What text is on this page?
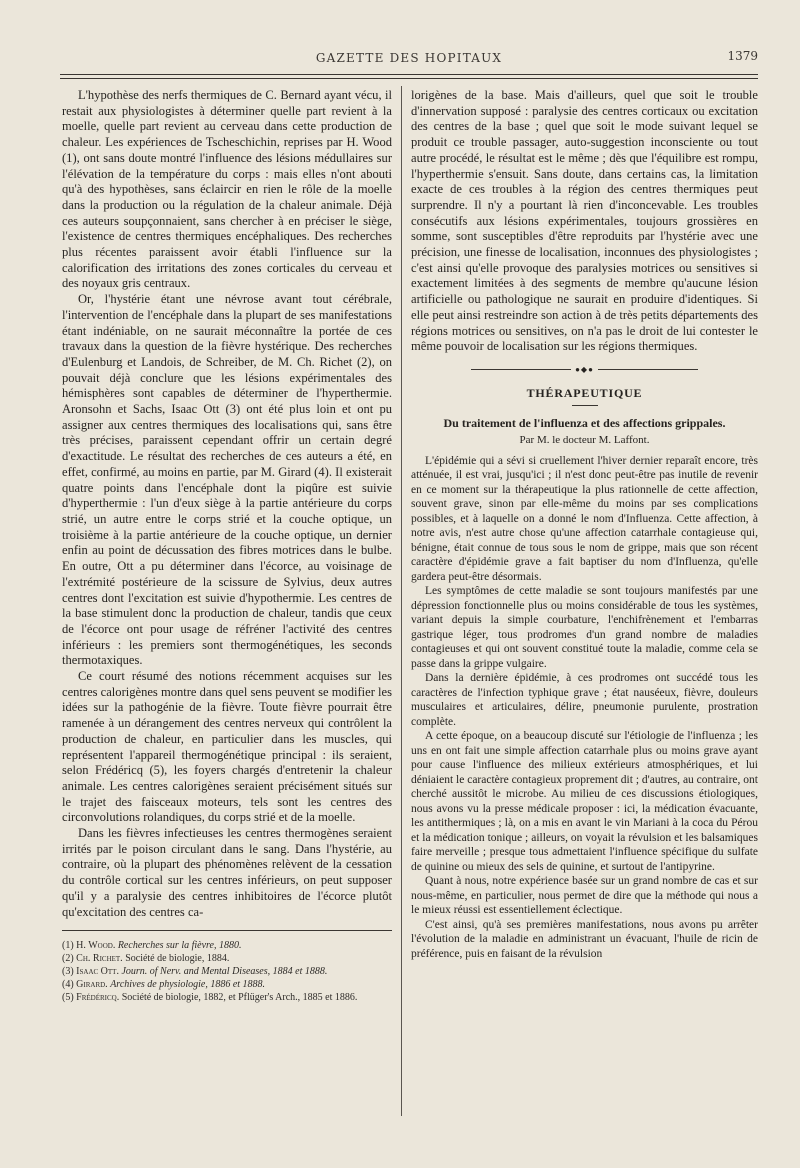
GAZETTE DES HOPITAUX	1379

L'hypothèse des nerfs thermiques de C. Bernard ayant vécu, il restait aux physiologistes à déterminer quelle part revient à la moelle, quelle part revient au cerveau dans cette production de chaleur. Les expériences de Tscheschichin, reprises par H. Wood (1), ont sans doute montré l'influence des lésions médullaires sur l'élévation de la température du corps : mais elles n'ont abouti qu'à des hypothèses, sans éclaircir en rien le rôle de la moelle dans la production ou la régulation de la chaleur animale. Déjà ces auteurs soupçonnaient, sans chercher à en préciser le siège, l'existence de centres thermiques encéphaliques. Des recherches plus récentes paraissent avoir établi l'influence sur la calorification des irritations des zones corticales du cerveau et des noyaux gris centraux.

Or, l'hystérie étant une névrose avant tout cérébrale, l'intervention de l'encéphale dans la plupart de ses manifestations étant indéniable, on ne saurait méconnaître la portée de ces travaux dans la question de la fièvre hystérique. Des recherches d'Eulenburg et Landois, de Schreiber, de M. Ch. Richet (2), on pouvait déjà conclure que les lésions expérimentales des hémisphères sont capables de déterminer de l'hyperthermie. Aronsohn et Sachs, Isaac Ott (3) ont été plus loin et ont pu assigner aux centres thermiques des localisations qui, sans être très précises, paraissent cependant offrir un certain degré d'exactitude. Le résultat des recherches de ces auteurs a été, en effet, confirmé, au moins en partie, par M. Girard (4). Il existerait quatre points dans l'encéphale dont la piqûre est suivie d'hyperthermie : l'un d'eux siège à la partie antérieure du corps strié, un autre entre le corps strié et la couche optique, un troisième à la partie antérieure de la couche optique, un dernier enfin au point de décussation des fibres motrices dans le bulbe. En outre, Ott a pu déterminer dans l'écorce, au voisinage de l'extrémité postérieure de la scissure de Sylvius, deux autres centres dont l'excitation est suivie d'hypothermie. Les centres de la base stimulent donc la production de chaleur, tandis que ceux de l'écorce ont pour usage de réfréner l'activité des centres inférieurs : les premiers sont thermogénétiques, les seconds thermotaxiques.

Ce court résumé des notions récemment acquises sur les centres calorigènes montre dans quel sens peuvent se modifier les idées sur la pathogénie de la fièvre. Toute fièvre pourrait être ramenée à un dérangement des centres nerveux qui contrôlent la production de chaleur, en particulier dans les muscles, qui représentent l'appareil thermogénétique principal : ils seraient, selon Frédéricq (5), les foyers chargés d'entretenir la chaleur animale. Les centres calorigènes seraient précisément situés sur le trajet des faisceaux moteurs, tels sont les centres des circonvolutions rolandiques, du corps strié et de la moelle.

Dans les fièvres infectieuses les centres thermogènes seraient irrités par le poison circulant dans le sang. Dans l'hystérie, au contraire, où la plupart des phénomènes relèvent de la cessation du contrôle cortical sur les centres inférieurs, on peut supposer qu'il y a paralysie des centres inhibitoires de l'écorce plutôt qu'excitation des centres ca-

(1) H. Wood. Recherches sur la fièvre, 1880.
(2) Ch. Richet. Société de biologie, 1884.
(3) Isaac Ott. Journ. of Nerv. and Mental Diseases, 1884 et 1888.
(4) Girard. Archives de physiologie, 1886 et 1888.
(5) Frédéricq. Société de biologie, 1882, et Pflüger's Arch., 1885 et 1886.

lorigènes de la base. Mais d'ailleurs, quel que soit le trouble d'innervation supposé : paralysie des centres corticaux ou excitation des centres de la base ; quel que soit le mode suivant lequel se produit ce trouble passager, auto-suggestion inconsciente ou tout autre procédé, le résultat est le même ; dès que l'équilibre est rompu, l'hyperthermie s'ensuit. Sans doute, dans certains cas, la limitation exacte de ces troubles à la région des centres thermiques peut surprendre. Il n'y a pourtant là rien d'inconcevable. Les troubles consécutifs aux lésions expérimentales, toujours grossières en somme, sont susceptibles d'être reproduits par l'hystérie avec une précision, une finesse de localisation, inconnues des physiologistes ; c'est ainsi qu'elle provoque des paralysies motrices ou sensitives si exactement limitées à des segments de membre qu'aucune lésion artificielle ou pathologique ne saurait en produire d'identiques. Si elle peut ainsi restreindre son action à de très petits départements des régions motrices ou sensitives, on n'a pas le droit de lui contester le même pouvoir de localisation sur les régions thermiques.

●◆●
THÉRAPEUTIQUE
Du traitement de l'influenza et des affections grippales.
Par M. le docteur M. Laffont.

L'épidémie qui a sévi si cruellement l'hiver dernier reparaît encore, très atténuée, il est vrai, jusqu'ici ; il n'est donc peut-être pas inutile de revenir en ce moment sur la thérapeutique la plus rationnelle de cette affection, souvent grave, sinon par elle-même du moins par ses complications possibles, et à laquelle on a donné le nom d'Influenza. Cette affection, à notre avis, n'est autre chose qu'une affection catarrhale contagieuse qui, bénigne, était connue de tous sous le nom de grippe, mais que son récent caractère d'épidémie grave a fait baptiser du nom d'Influenza, qu'elle gardera peut-être désormais.

Les symptômes de cette maladie se sont toujours manifestés par une dépression fonctionnelle plus ou moins considérable de tous les systèmes, variant depuis la simple courbature, l'enchifrènement et l'embarras gastrique léger, tous prodromes d'un grand nombre de maladies contagieuses et qui ont souvent constitué toute la maladie, comme cela se passe dans la grippe vulgaire.

Dans la dernière épidémie, à ces prodromes ont succédé tous les caractères de l'infection typhique grave ; état nauséeux, fièvre, douleurs musculaires et articulaires, délire, pneumonie purulente, prostration complète.

A cette époque, on a beaucoup discuté sur l'étiologie de l'influenza ; les uns en ont fait une simple affection catarrhale plus ou moins grave ayant pour cause l'influence des milieux extérieurs atmosphériques, et lui déniaient le caractère contagieux proprement dit ; d'autres, au contraire, ont cherché aussitôt le microbe. Au milieu de ces discussions étiologiques, nous avons vu la presse médicale proposer : ici, la médication évacuante, les antithermiques ; là, on a mis en avant le vin Mariani à la coca du Pérou et la médication tonique ; ailleurs, on voyait la révulsion et les balsamiques faire merveille ; presque tous admettaient l'influence spécifique du sulfate de quinine ou mieux des sels de quinine, et surtout de l'antipyrine.

Quant à nous, notre expérience basée sur un grand nombre de cas et sur nous-même, en particulier, nous permet de dire que la méthode qui nous a le mieux réussi est essentiellement éclectique.

C'est ainsi, qu'à ses premières manifestations, nous avons pu arrêter l'évolution de la maladie en administrant un évacuant, l'huile de ricin de préférence, puis en faisant de la révulsion
